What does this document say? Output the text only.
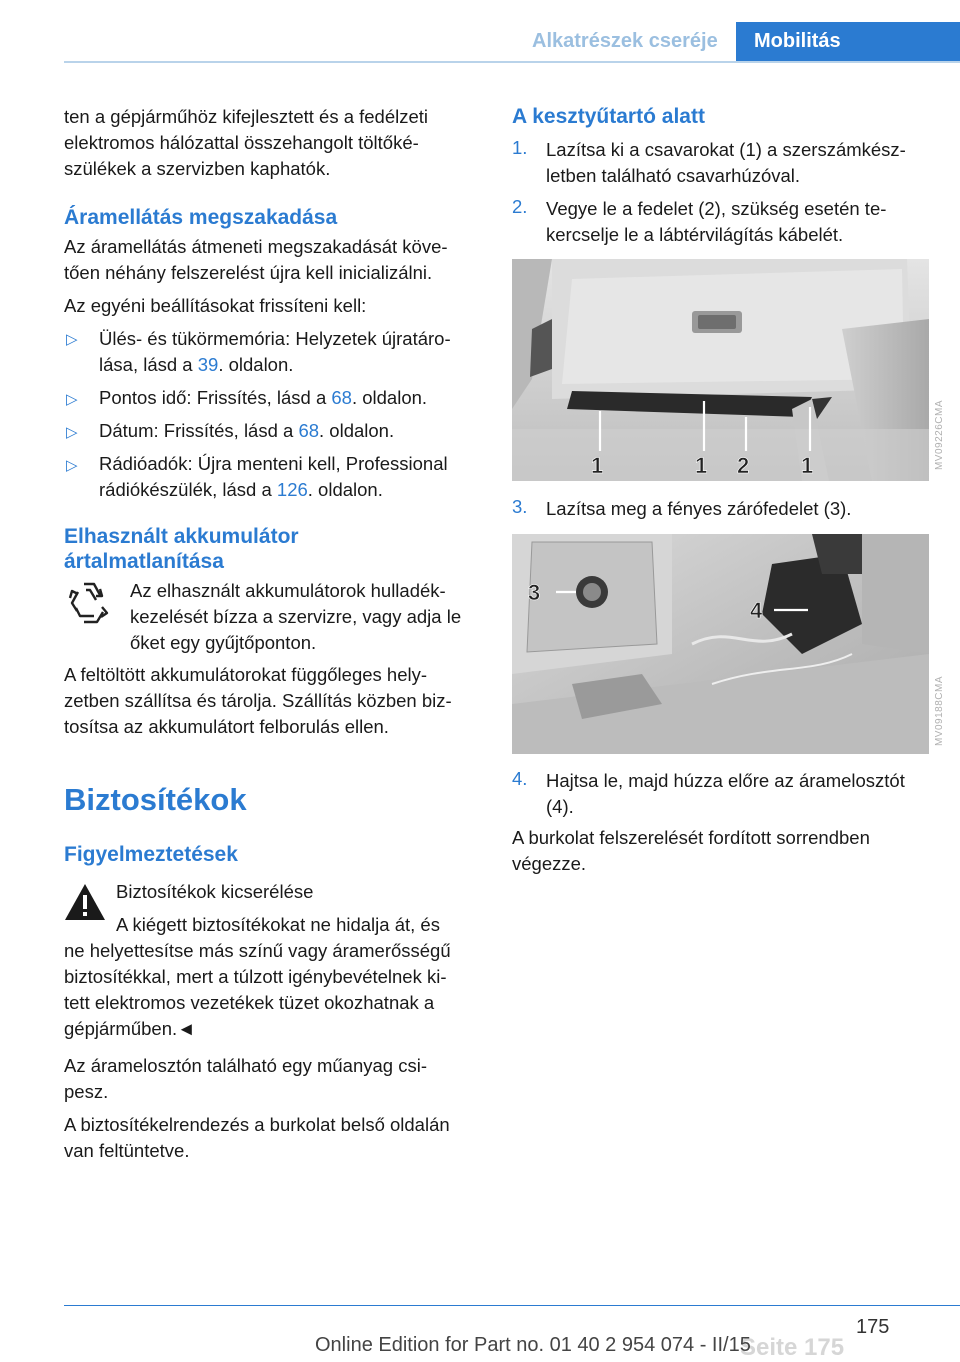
Alkatrészek cseréje Mobilitás

ten a gépjárműhöz kifejlesztett és a fedélzeti

elektromos hálózattal összehangolt töltőké-

szülékek a szervizben kaphatók.

Áramellátás megszakadása

Az áramellátás átmeneti megszakadását köve-

tően néhány felszerelést újra kell inicializálni.

Az egyéni beállításokat frissíteni kell:

▷ Ülés- és tükörmemória: Helyzetek újratáro-

lása, lásd a 39. oldalon.

▷ Pontos idő: Frissítés, lásd a 68. oldalon.

▷ Dátum: Frissítés, lásd a 68. oldalon.

▷ Rádióadók: Újra menteni kell, Professional

rádiókészülék, lásd a 126. oldalon.

Elhasznált akkumulátor

ártalmatlanítása

Az elhasznált akkumulátorok hulladék-

kezelését bízza a szervizre, vagy adja le

őket egy gyűjtőponton.

A feltöltött akkumulátorokat függőleges hely-

zetben szállítsa és tárolja. Szállítás közben biz-

tosítsa az akkumulátort felborulás ellen.

Biztosítékok

Figyelmeztetések

Biztosítékok kicserélése

A kiégett biztosítékokat ne hidalja át, és

ne helyettesítse más színű vagy áramerősségű

biztosítékkal, mert a túlzott igénybevételnek ki-

tett elektromos vezetékek tüzet okozhatnak a

gépjárműben.◄

Az áramelosztón található egy műanyag csi-

pesz.

A biztosítékelrendezés a burkolat belső oldalán

van feltüntetve.

A kesztyűtartó alatt

1. Lazítsa ki a csavarokat (1) a szerszámkész-

letben található csavarhúzóval.

2. Vegye le a fedelet (2), szükség esetén te-

kercselje le a lábtérvilágítás kábelét.

1	1 2 1	MV09226CMA
3. Lazítsa meg a fényes zárófedelet (3).

3
4
MV09188CMA
4. Hajtsa le, majd húzza előre az áramelosztót

(4).

A burkolat felszerelését fordított sorrendben

végezze.

175
Seite 175
Online Edition for Part no. 01 40 2 954 074 - II/15
